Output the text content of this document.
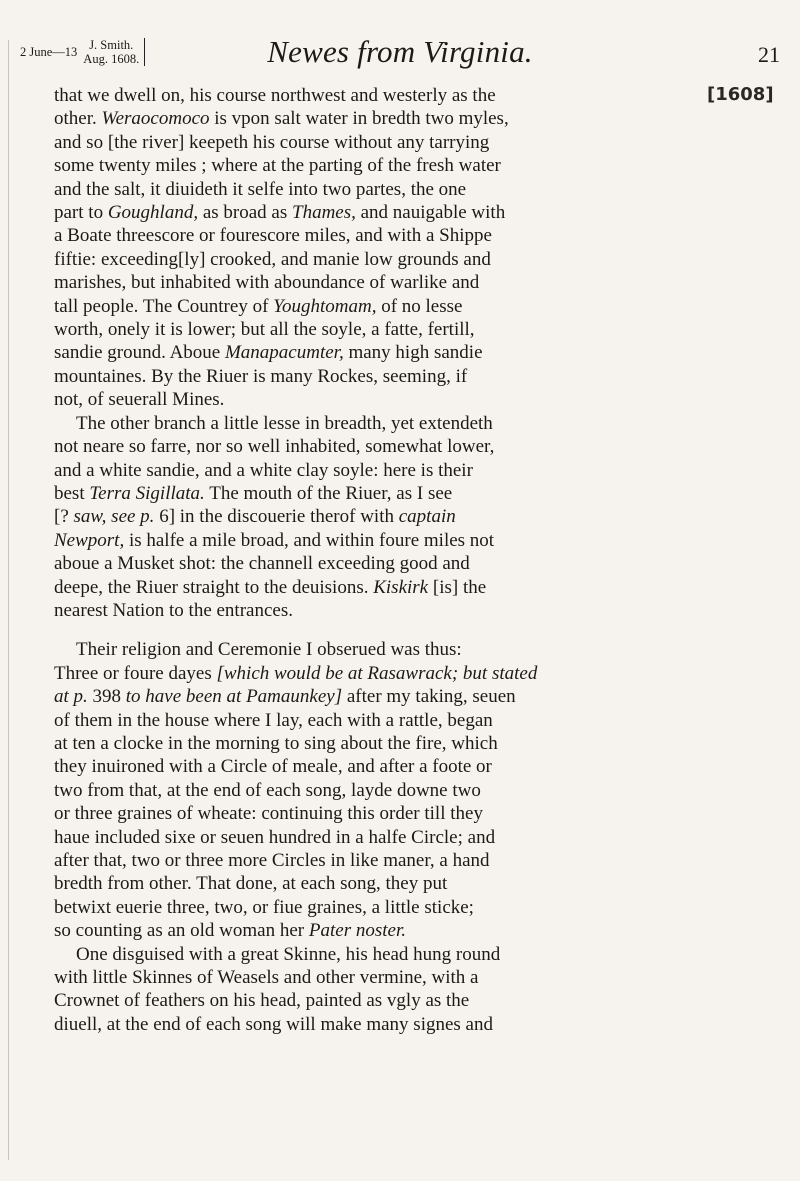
2 June—13 J. Smith.
Aug. 1608.	Newes from Virginia.	21
[1608]
that we dwell on, his course northwest and westerly as the
other. Weraocomoco is vpon salt water in bredth two myles,
and so [the river] keepeth his course without any tarrying
some twenty miles ; where at the parting of the fresh water
and the salt, it diuideth it selfe into two partes, the one
part to Goughland, as broad as Thames, and nauigable with
a Boate threescore or fourescore miles, and with a Shippe
fiftie: exceeding[ly] crooked, and manie low grounds and
marishes, but inhabited with aboundance of warlike and
tall people. The Countrey of Youghtomam, of no lesse
worth, onely it is lower; but all the soyle, a fatte, fertill,
sandie ground. Aboue Manapacumter, many high sandie
mountaines. By the Riuer is many Rockes, seeming, if
not, of seuerall Mines.
The other branch a little lesse in breadth, yet extendeth
not neare so farre, nor so well inhabited, somewhat lower,
and a white sandie, and a white clay soyle: here is their
best Terra Sigillata. The mouth of the Riuer, as I see
[? saw, see p. 6] in the discouerie therof with captain
Newport, is halfe a mile broad, and within foure miles not
aboue a Musket shot: the channell exceeding good and
deepe, the Riuer straight to the deuisions. Kiskirk [is] the
nearest Nation to the entrances.
Their religion and Ceremonie I obserued was thus:
Three or foure dayes [which would be at Rasawrack; but stated
at p. 398 to have been at Pamaunkey] after my taking, seuen
of them in the house where I lay, each with a rattle, began
at ten a clocke in the morning to sing about the fire, which
they inuironed with a Circle of meale, and after a foote or
two from that, at the end of each song, layde downe two
or three graines of wheate: continuing this order till they
haue included sixe or seuen hundred in a halfe Circle; and
after that, two or three more Circles in like maner, a hand
bredth from other. That done, at each song, they put
betwixt euerie three, two, or fiue graines, a little sticke;
so counting as an old woman her Pater noster.
One disguised with a great Skinne, his head hung round
with little Skinnes of Weasels and other vermine, with a
Crownet of feathers on his head, painted as vgly as the
diuell, at the end of each song will make many signes and
